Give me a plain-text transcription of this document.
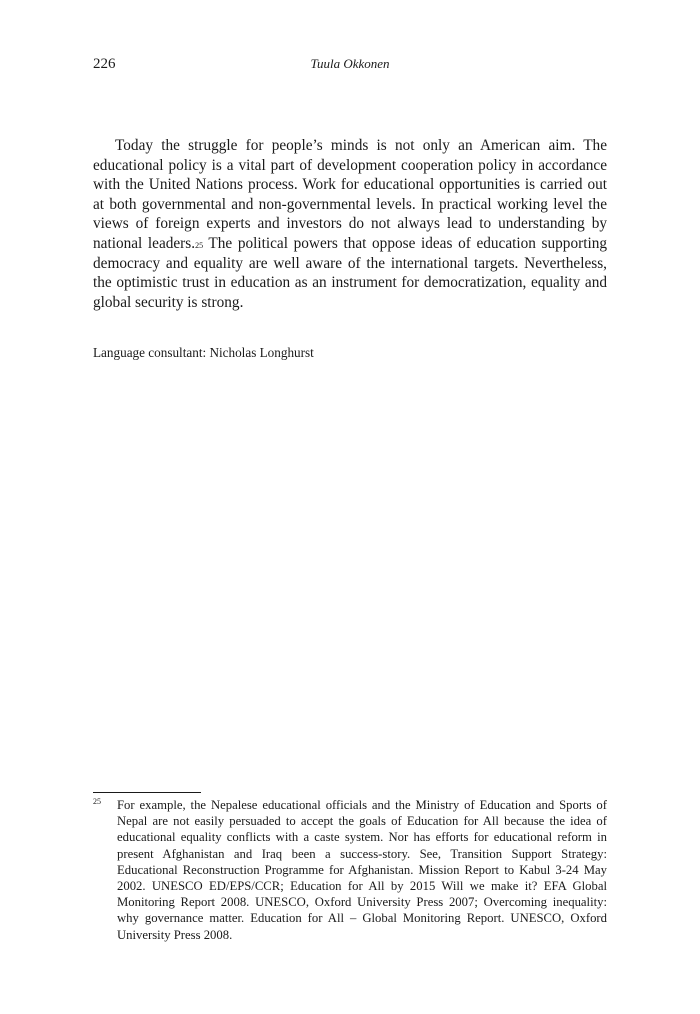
226	Tuula Okkonen

Today the struggle for people’s minds is not only an American aim. The educational policy is a vital part of development cooperation policy in accordance with the United Nations process. Work for educational opportunities is carried out at both governmental and non-governmental levels. In practical working level the views of foreign experts and investors do not always lead to understanding by national leaders.$^{25}$ The political powers that oppose ideas of education supporting democracy and equality are well aware of the international targets. Nevertheless, the optimistic trust in education as an instrument for democratization, equality and global security is strong.

Language consultant: Nicholas Longhurst
25 For example, the Nepalese educational officials and the Ministry of Education and Sports of Nepal are not easily persuaded to accept the goals of Education for All because the idea of educational equality conflicts with a caste system. Nor has efforts for educational reform in present Afghanistan and Iraq been a success-story. See, Transition Support Strategy: Educational Reconstruction Programme for Afghanistan. Mission Report to Kabul 3-24 May 2002. UNESCO ED/EPS/CCR; Education for All by 2015 Will we make it? EFA Global Monitoring Report 2008. UNESCO, Oxford University Press 2007; Overcoming inequality: why governance matter. Education for All – Global Monitoring Report. UNESCO, Oxford University Press 2008.
